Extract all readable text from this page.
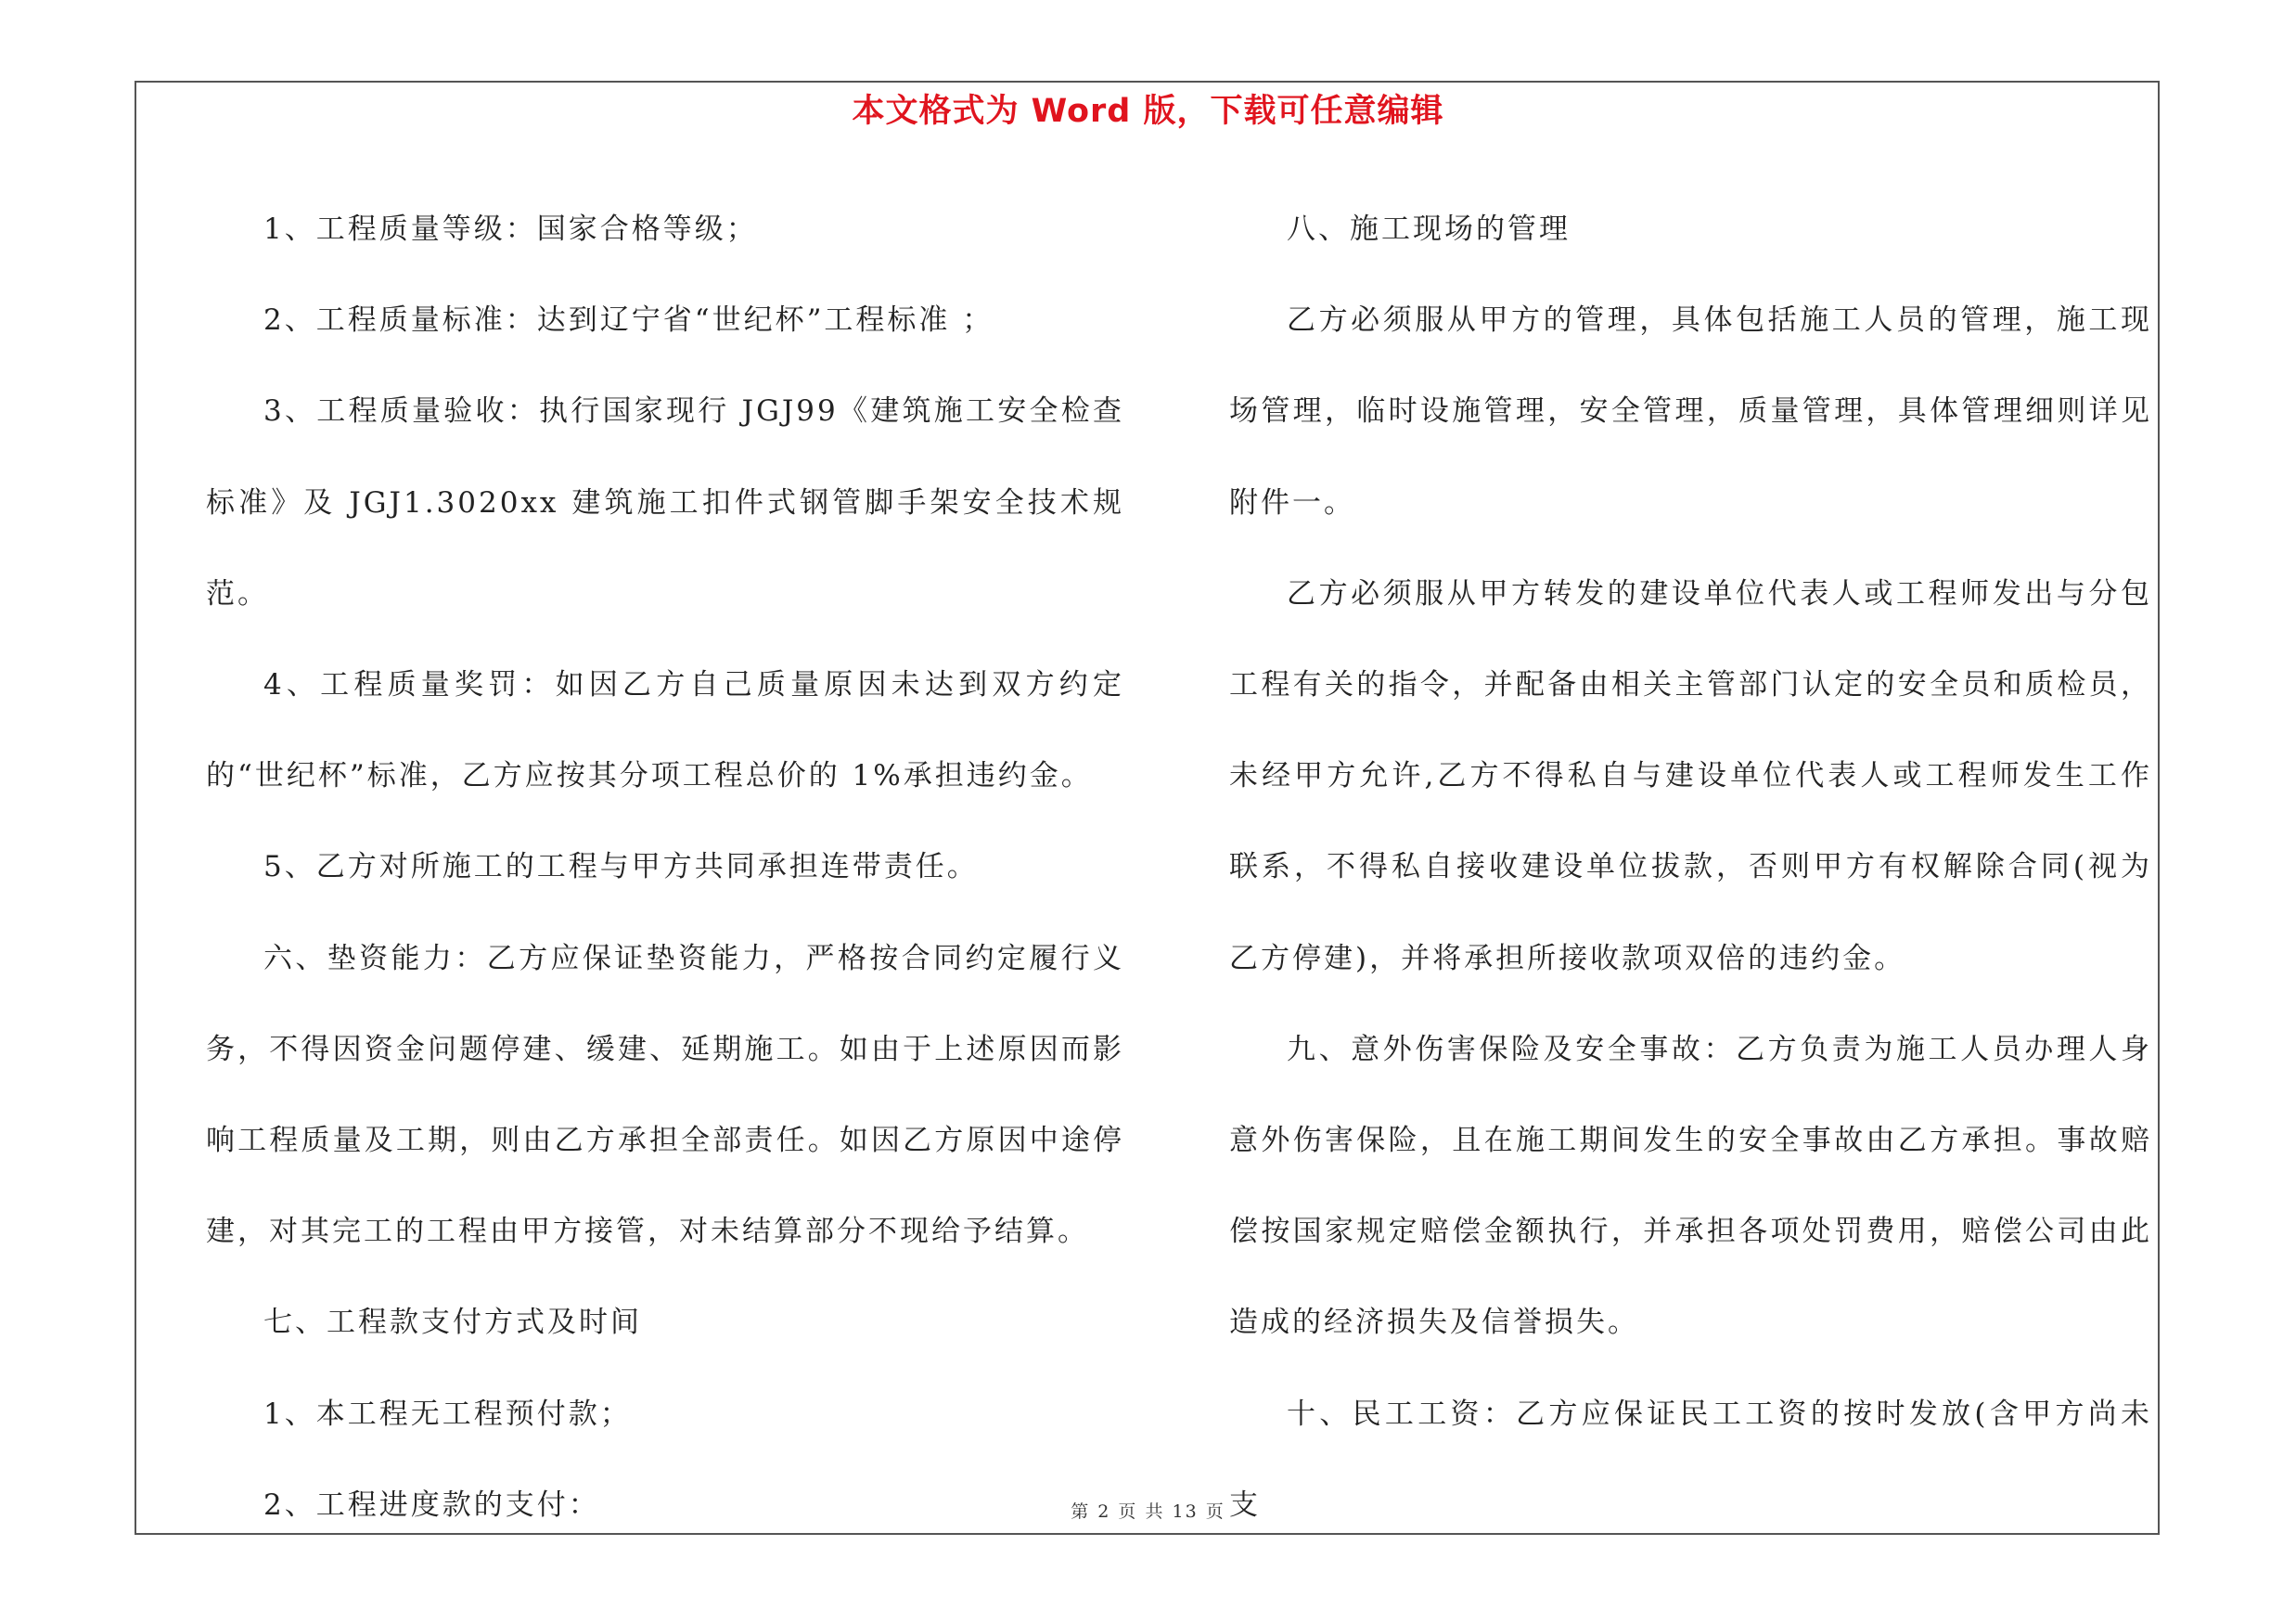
本文格式为 Word 版，下载可任意编辑

1、工程质量等级：国家合格等级；

2、工程质量标准：达到辽宁省“世纪杯”工程标准 ；

3、工程质量验收：执行国家现行 JGJ99《建筑施工安全检查标准》及 JGJ1.3020xx 建筑施工扣件式钢管脚手架安全技术规范。

4、工程质量奖罚：如因乙方自己质量原因未达到双方约定的“世纪杯”标准，乙方应按其分项工程总价的 1%承担违约金。

5、乙方对所施工的工程与甲方共同承担连带责任。

六、垫资能力：乙方应保证垫资能力，严格按合同约定履行义务，不得因资金问题停建、缓建、延期施工。如由于上述原因而影响工程质量及工期，则由乙方承担全部责任。如因乙方原因中途停建，对其完工的工程由甲方接管，对未结算部分不现给予结算。

七、工程款支付方式及时间

1、本工程无工程预付款；

2、工程进度款的支付：

八、施工现场的管理

乙方必须服从甲方的管理，具体包括施工人员的管理，施工现场管理，临时设施管理，安全管理，质量管理，具体管理细则详见附件一。

乙方必须服从甲方转发的建设单位代表人或工程师发出与分包工程有关的指令，并配备由相关主管部门认定的安全员和质检员，未经甲方允许,乙方不得私自与建设单位代表人或工程师发生工作联系，不得私自接收建设单位拔款，否则甲方有权解除合同(视为乙方停建)，并将承担所接收款项双倍的违约金。

九、意外伤害保险及安全事故：乙方负责为施工人员办理人身意外伤害保险，且在施工期间发生的安全事故由乙方承担。事故赔偿按国家规定赔偿金额执行，并承担各项处罚费用，赔偿公司由此造成的经济损失及信誉损失。

十、民工工资：乙方应保证民工工资的按时发放(含甲方尚未支

第 2 页 共 13 页
